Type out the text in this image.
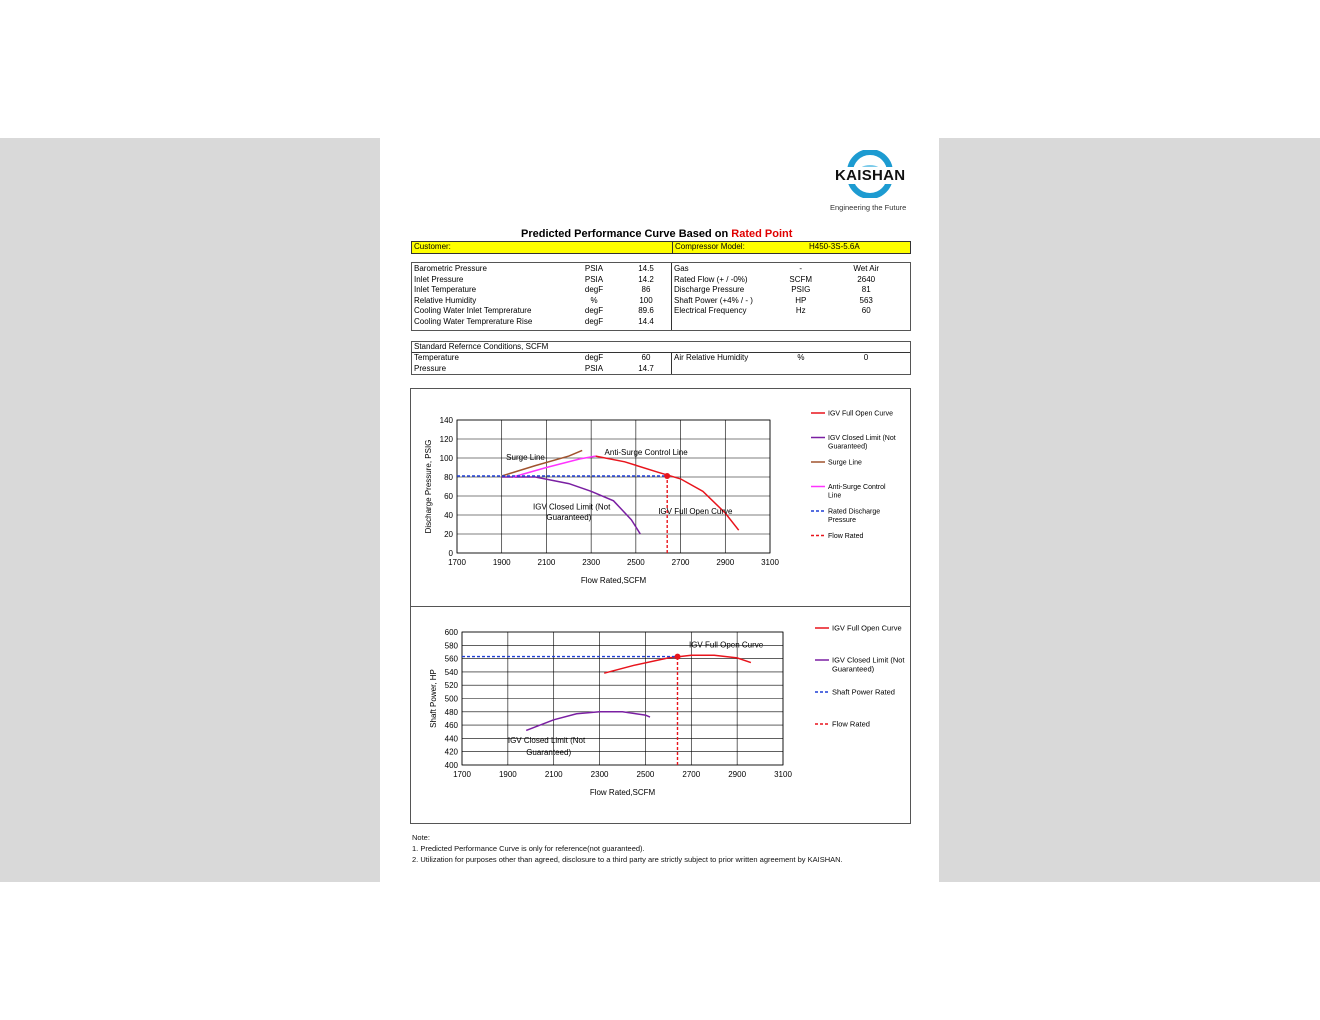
KAISHAN
Engineering the Future
Predicted Performance Curve Based on Rated Point
Customer:	Compressor Model:	H450-3S-5.6A
Barometric Pressure	PSIA	14.5
Inlet Pressure	PSIA	14.2
Inlet Temperature	degF	86
Relative Humidity	%	100
Cooling Water Inlet Temprerature	degF	89.6
Cooling Water Temprerature Rise	degF	14.4
Gas	-	Wet Air
Rated Flow (+ / -0%)	SCFM	2640
Discharge Pressure	PSIG	81
Shaft Power (+4% / - )	HP	563
Electrical Frequency	Hz	60
Standard Refernce Conditions, SCFM
Temperature	degF	60
Pressure	PSIA	14.7
Air Relative Humidity	%	0
0
20
40
60
80
100
120
140
1700	1900	2100	2300	2500	2700	2900	3100
Flow Rated,SCFM
Discharge Pressure, PSIG	Surge Line
Anti-Surge Control Line
IGV Closed Limit (Not
Guaranteed)
IGV Full Open Curve
IGV Full Open Curve
IGV Closed Limit (Not Guaranteed)
Surge Line
Anti-Surge Control Line
Rated Discharge Pressure
Flow Rated
400
420
440
460
480
500
520
540
560
580
600
1700	1900	2100	2300	2500	2700	2900	3100
Flow Rated,SCFM
Shaft Power, HP
IGV Full Open Curve
IGV Closed Limit (Not
Guaranteed)
IGV Full Open Curve
IGV Closed Limit (Not Guaranteed)
Shaft Power Rated
Flow Rated
Note:
1. Predicted Performance Curve is only for reference(not guaranteed).
2. Utilization for purposes other than agreed, disclosure to a third party are strictly subject to prior written agreement by KAISHAN.
